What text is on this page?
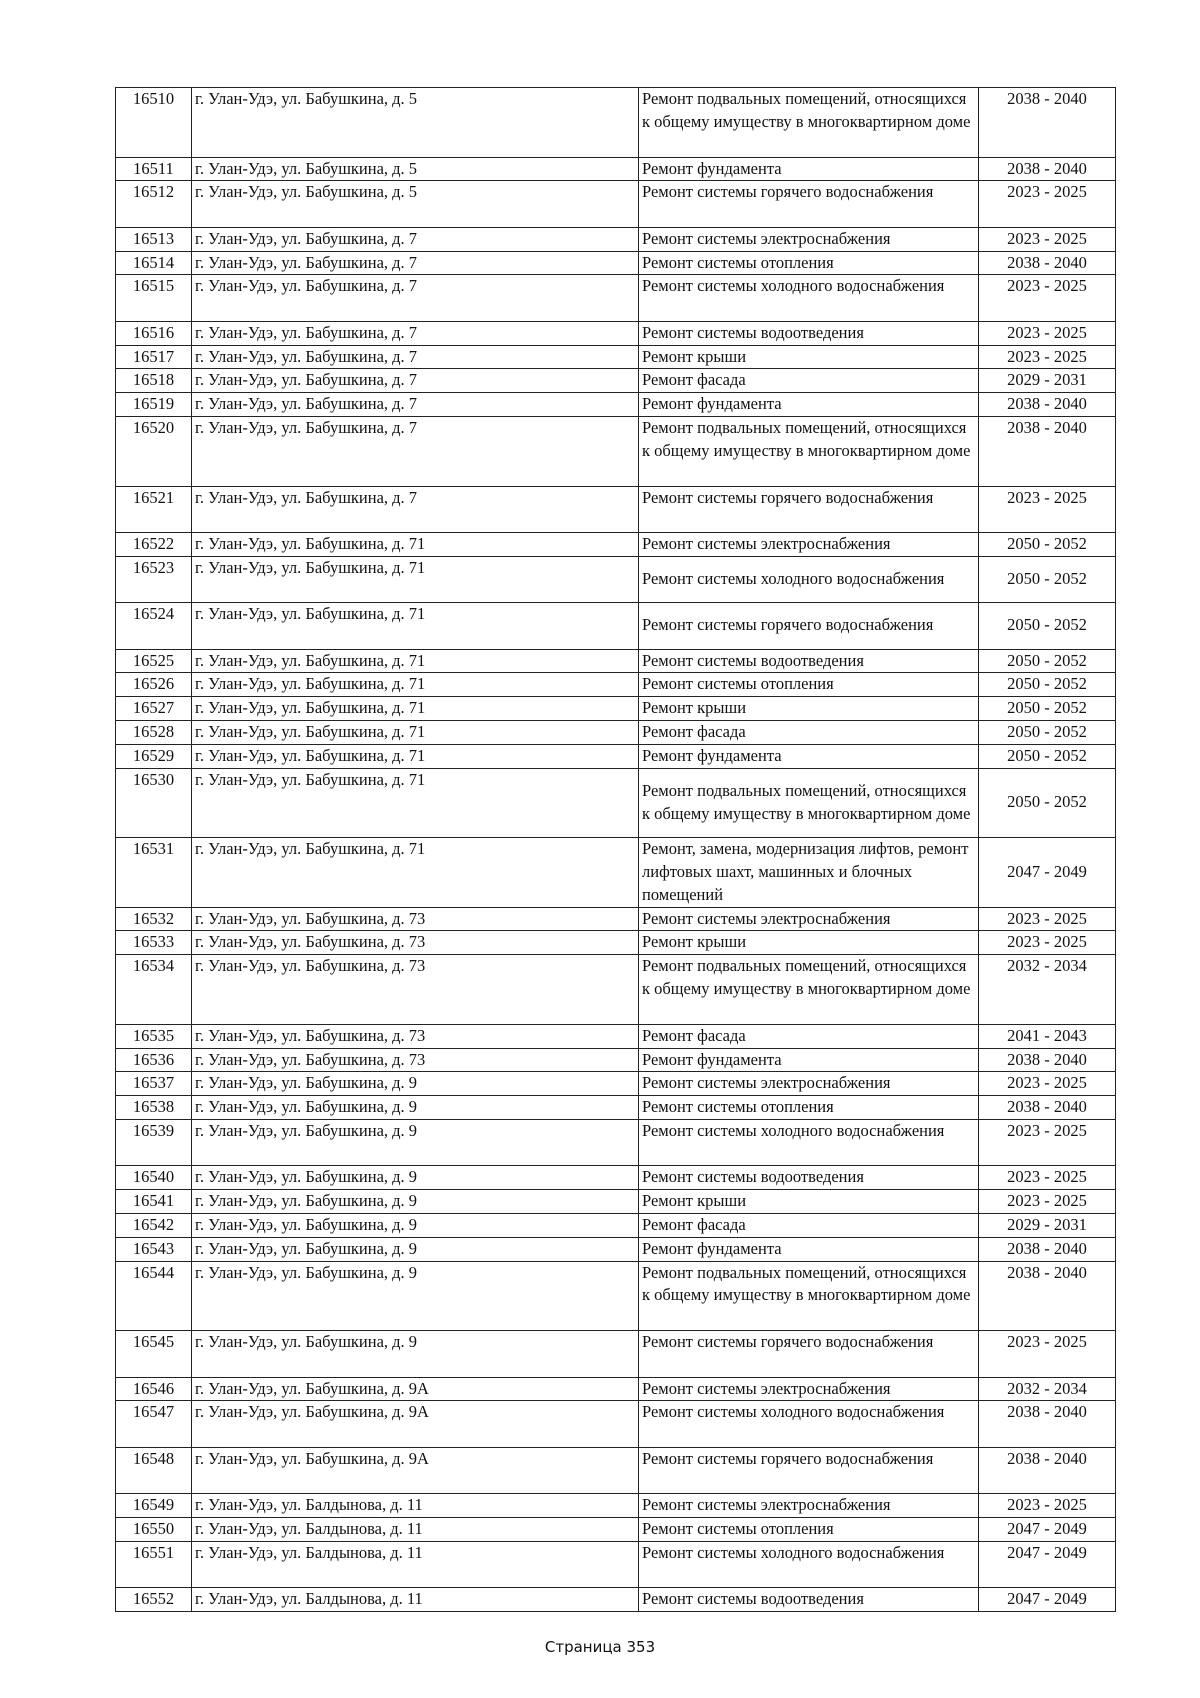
16510	г. Улан-Удэ, ул. Бабушкина, д. 5	Ремонт подвальных помещений, относящихся к общему имуществу в многоквартирном доме	2038 - 2040
16511	г. Улан-Удэ, ул. Бабушкина, д. 5	Ремонт фундамента	2038 - 2040
16512	г. Улан-Удэ, ул. Бабушкина, д. 5	Ремонт системы горячего водоснабжения	2023 - 2025
16513	г. Улан-Удэ, ул. Бабушкина, д. 7	Ремонт системы электроснабжения	2023 - 2025
16514	г. Улан-Удэ, ул. Бабушкина, д. 7	Ремонт системы отопления	2038 - 2040
16515	г. Улан-Удэ, ул. Бабушкина, д. 7	Ремонт системы холодного водоснабжения	2023 - 2025
16516	г. Улан-Удэ, ул. Бабушкина, д. 7	Ремонт системы водоотведения	2023 - 2025
16517	г. Улан-Удэ, ул. Бабушкина, д. 7	Ремонт крыши	2023 - 2025
16518	г. Улан-Удэ, ул. Бабушкина, д. 7	Ремонт фасада	2029 - 2031
16519	г. Улан-Удэ, ул. Бабушкина, д. 7	Ремонт фундамента	2038 - 2040
16520	г. Улан-Удэ, ул. Бабушкина, д. 7	Ремонт подвальных помещений, относящихся к общему имуществу в многоквартирном доме	2038 - 2040
16521	г. Улан-Удэ, ул. Бабушкина, д. 7	Ремонт системы горячего водоснабжения	2023 - 2025
16522	г. Улан-Удэ, ул. Бабушкина, д. 71	Ремонт системы электроснабжения	2050 - 2052
16523	г. Улан-Удэ, ул. Бабушкина, д. 71	Ремонт системы холодного водоснабжения	2050 - 2052
16524	г. Улан-Удэ, ул. Бабушкина, д. 71	Ремонт системы горячего водоснабжения	2050 - 2052
16525	г. Улан-Удэ, ул. Бабушкина, д. 71	Ремонт системы водоотведения	2050 - 2052
16526	г. Улан-Удэ, ул. Бабушкина, д. 71	Ремонт системы отопления	2050 - 2052
16527	г. Улан-Удэ, ул. Бабушкина, д. 71	Ремонт крыши	2050 - 2052
16528	г. Улан-Удэ, ул. Бабушкина, д. 71	Ремонт фасада	2050 - 2052
16529	г. Улан-Удэ, ул. Бабушкина, д. 71	Ремонт фундамента	2050 - 2052
16530	г. Улан-Удэ, ул. Бабушкина, д. 71	Ремонт подвальных помещений, относящихся к общему имуществу в многоквартирном доме	2050 - 2052
16531	г. Улан-Удэ, ул. Бабушкина, д. 71	Ремонт, замена, модернизация лифтов, ремонт лифтовых шахт, машинных и блочных помещений	2047 - 2049
16532	г. Улан-Удэ, ул. Бабушкина, д. 73	Ремонт системы электроснабжения	2023 - 2025
16533	г. Улан-Удэ, ул. Бабушкина, д. 73	Ремонт крыши	2023 - 2025
16534	г. Улан-Удэ, ул. Бабушкина, д. 73	Ремонт подвальных помещений, относящихся к общему имуществу в многоквартирном доме	2032 - 2034
16535	г. Улан-Удэ, ул. Бабушкина, д. 73	Ремонт фасада	2041 - 2043
16536	г. Улан-Удэ, ул. Бабушкина, д. 73	Ремонт фундамента	2038 - 2040
16537	г. Улан-Удэ, ул. Бабушкина, д. 9	Ремонт системы электроснабжения	2023 - 2025
16538	г. Улан-Удэ, ул. Бабушкина, д. 9	Ремонт системы отопления	2038 - 2040
16539	г. Улан-Удэ, ул. Бабушкина, д. 9	Ремонт системы холодного водоснабжения	2023 - 2025
16540	г. Улан-Удэ, ул. Бабушкина, д. 9	Ремонт системы водоотведения	2023 - 2025
16541	г. Улан-Удэ, ул. Бабушкина, д. 9	Ремонт крыши	2023 - 2025
16542	г. Улан-Удэ, ул. Бабушкина, д. 9	Ремонт фасада	2029 - 2031
16543	г. Улан-Удэ, ул. Бабушкина, д. 9	Ремонт фундамента	2038 - 2040
16544	г. Улан-Удэ, ул. Бабушкина, д. 9	Ремонт подвальных помещений, относящихся к общему имуществу в многоквартирном доме	2038 - 2040
16545	г. Улан-Удэ, ул. Бабушкина, д. 9	Ремонт системы горячего водоснабжения	2023 - 2025
16546	г. Улан-Удэ, ул. Бабушкина, д. 9А	Ремонт системы электроснабжения	2032 - 2034
16547	г. Улан-Удэ, ул. Бабушкина, д. 9А	Ремонт системы холодного водоснабжения	2038 - 2040
16548	г. Улан-Удэ, ул. Бабушкина, д. 9А	Ремонт системы горячего водоснабжения	2038 - 2040
16549	г. Улан-Удэ, ул. Балдынова, д. 11	Ремонт системы электроснабжения	2023 - 2025
16550	г. Улан-Удэ, ул. Балдынова, д. 11	Ремонт системы отопления	2047 - 2049
16551	г. Улан-Удэ, ул. Балдынова, д. 11	Ремонт системы холодного водоснабжения	2047 - 2049
16552	г. Улан-Удэ, ул. Балдынова, д. 11	Ремонт системы водоотведения	2047 - 2049
Страница 353
